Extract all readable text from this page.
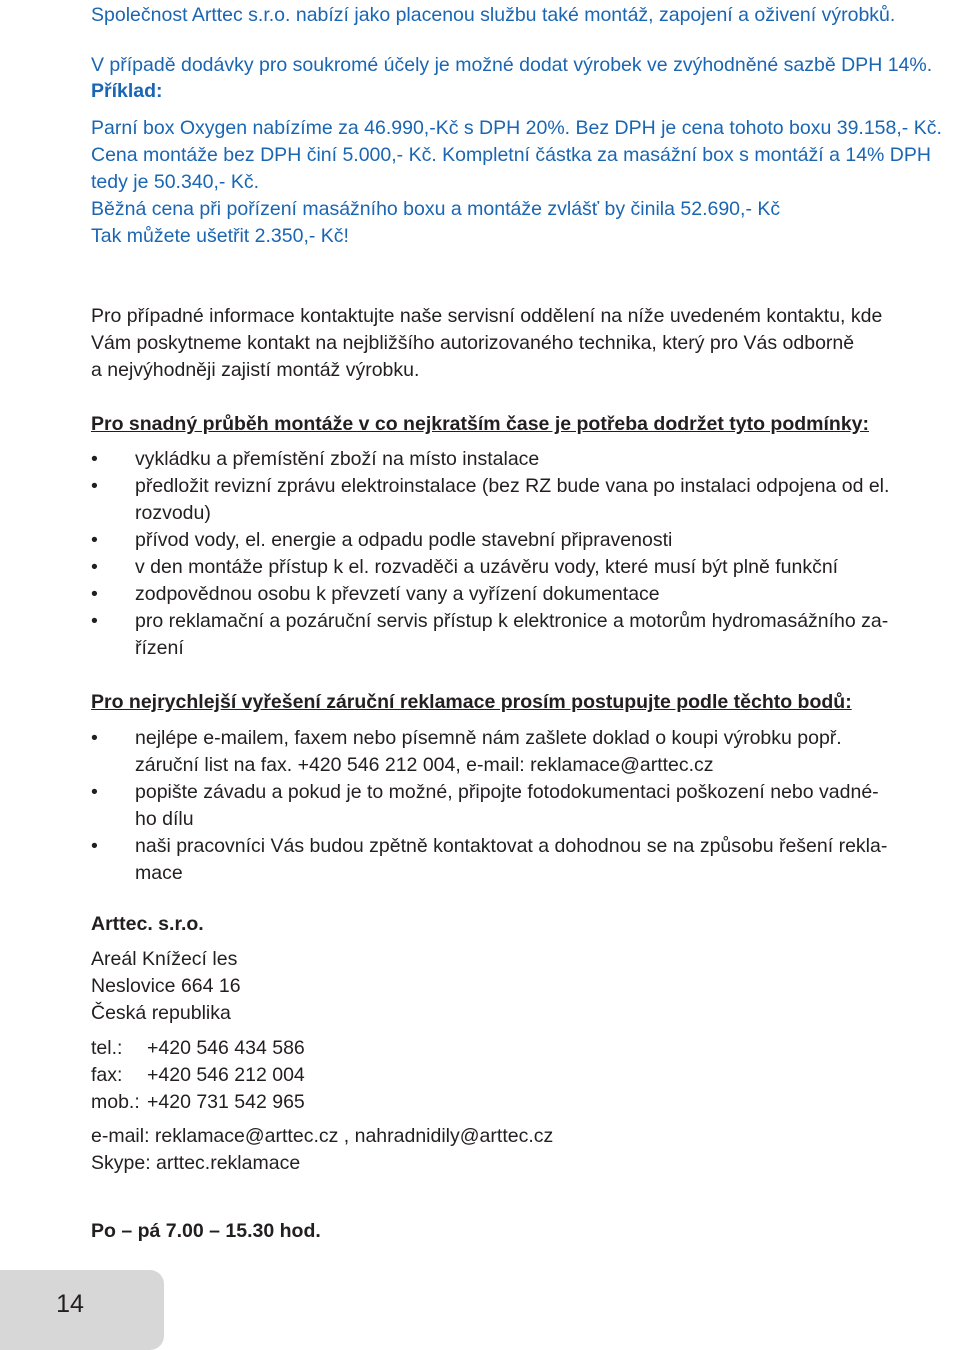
Společnost Arttec s.r.o. nabízí jako placenou službu také montáž, zapojení a oživení výrobků.

V případě dodávky pro soukromé účely je možné dodat výrobek ve zvýhodněné sazbě DPH 14%.

Příklad:

Parní box Oxygen nabízíme za 46.990,-Kč s DPH 20%. Bez DPH je cena tohoto boxu 39.158,- Kč.

Cena montáže bez DPH činí 5.000,- Kč. Kompletní částka za masážní box s montáží a 14% DPH

tedy je 50.340,- Kč.

Běžná cena při pořízení masážního boxu a montáže zvlášť by činila 52.690,- Kč

Tak můžete ušetřit 2.350,- Kč!

Pro případné informace kontaktujte naše servisní oddělení na níže uvedeném kontaktu, kde

Vám poskytneme kontakt na nejbližšího autorizovaného technika, který pro Vás odborně

a nejvýhodněji zajistí montáž výrobku.

Pro snadný průběh montáže v co nejkratším čase je potřeba dodržet tyto podmínky:

• vykládku a přemístění zboží na místo instalace
• předložit revizní zprávu elektroinstalace (bez RZ bude vana po instalaci odpojena od el.
rozvodu)
• přívod vody, el. energie a odpadu podle stavební připravenosti
• v den montáže přístup k el. rozvaděči a uzávěru vody, které musí být plně funkční
• zodpovědnou osobu k převzetí vany a vyřízení dokumentace
• pro reklamační a pozáruční servis přístup k elektronice a motorům hydromasážního za-
řízení

Pro nejrychlejší vyřešení záruční reklamace prosím postupujte podle těchto bodů:

• nejlépe e-mailem, faxem nebo písemně nám zašlete doklad o koupi výrobku popř.
záruční list na fax. +420 546 212 004, e-mail: reklamace@arttec.cz
• popište závadu a pokud je to možné, připojte fotodokumentaci poškození nebo vadné-
ho dílu
• naši pracovníci Vás budou zpětně kontaktovat a dohodnou se na způsobu řešení rekla-
mace

Arttec. s.r.o.

Areál Knížecí les

Neslovice 664 16

Česká republika

tel.: +420 546 434 586

fax: +420 546 212 004

mob.: +420 731 542 965

e-mail: reklamace@arttec.cz , nahradnidily@arttec.cz

Skype: arttec.reklamace

Po – pá 7.00 – 15.30 hod.

14
